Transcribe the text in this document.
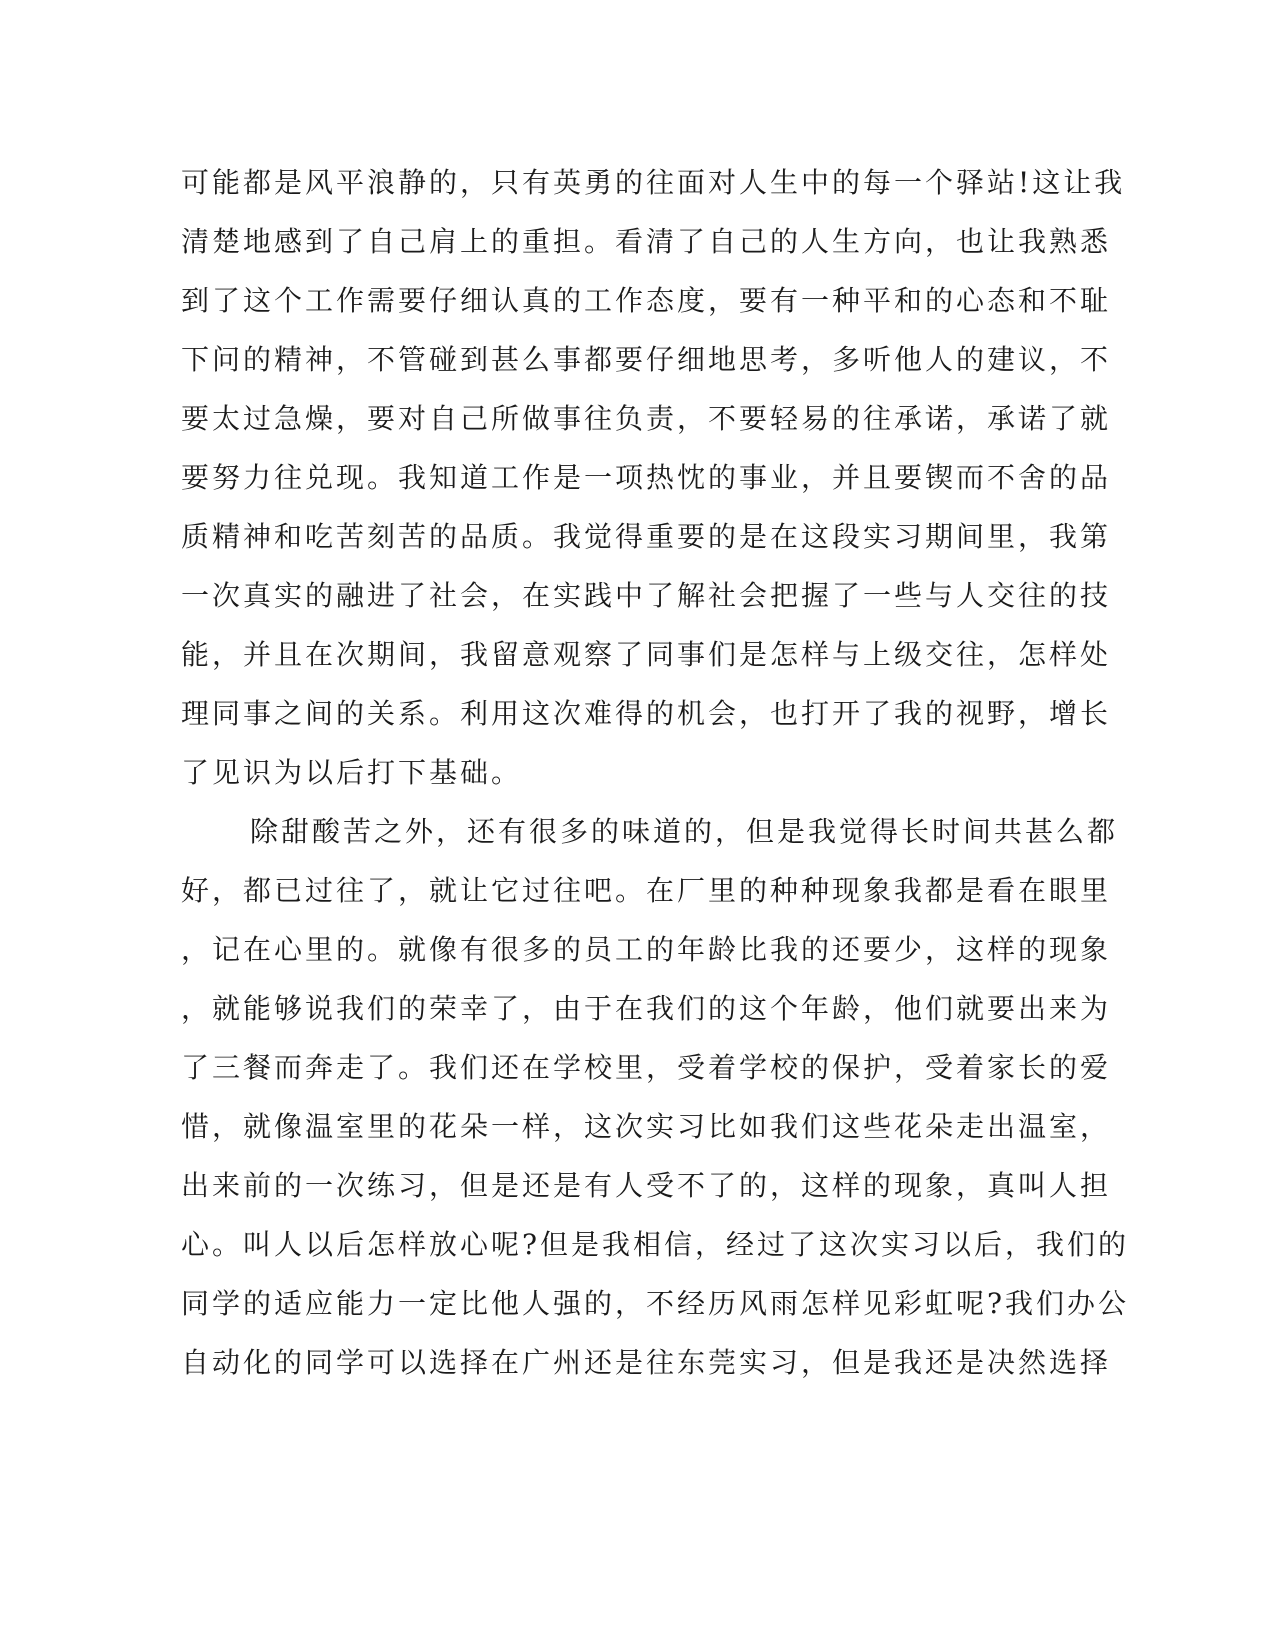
可能都是风平浪静的，只有英勇的往面对人生中的每一个驿站!这让我
清楚地感到了自己肩上的重担。看清了自己的人生方向，也让我熟悉
到了这个工作需要仔细认真的工作态度，要有一种平和的心态和不耻
下问的精神，不管碰到甚么事都要仔细地思考，多听他人的建议，不
要太过急燥，要对自己所做事往负责，不要轻易的往承诺，承诺了就
要努力往兑现。我知道工作是一项热忱的事业，并且要锲而不舍的品
质精神和吃苦刻苦的品质。我觉得重要的是在这段实习期间里，我第
一次真实的融进了社会，在实践中了解社会把握了一些与人交往的技
能，并且在次期间，我留意观察了同事们是怎样与上级交往，怎样处
理同事之间的关系。利用这次难得的机会，也打开了我的视野，增长
了见识为以后打下基础。
除甜酸苦之外，还有很多的味道的，但是我觉得长时间共甚么都
好，都已过往了，就让它过往吧。在厂里的种种现象我都是看在眼里
，记在心里的。就像有很多的员工的年龄比我的还要少，这样的现象
，就能够说我们的荣幸了，由于在我们的这个年龄，他们就要出来为
了三餐而奔走了。我们还在学校里，受着学校的保护，受着家长的爱
惜，就像温室里的花朵一样，这次实习比如我们这些花朵走出温室，
出来前的一次练习，但是还是有人受不了的，这样的现象，真叫人担
心。叫人以后怎样放心呢?但是我相信，经过了这次实习以后，我们的
同学的适应能力一定比他人强的，不经历风雨怎样见彩虹呢?我们办公
自动化的同学可以选择在广州还是往东莞实习，但是我还是决然选择
